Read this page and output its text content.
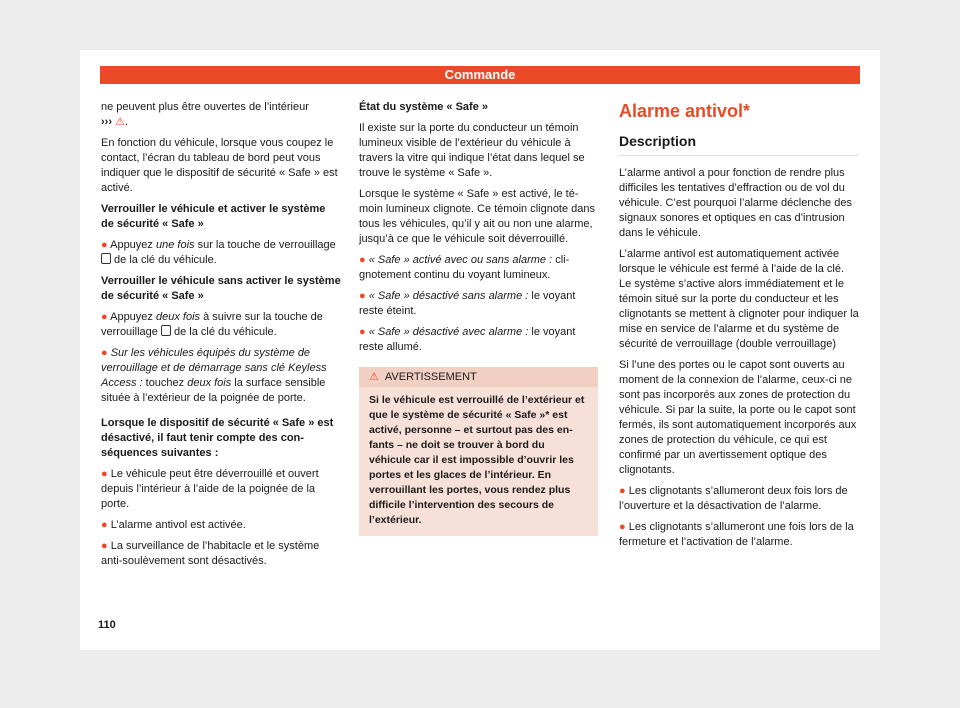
Commande

ne peuvent plus être ouvertes de l’intérieur
››› ⚠.

En fonction du véhicule, lorsque vous coupez le contact, l’écran du tableau de bord peut vous indiquer que le dispositif de sécurité « Safe » est activé.

Verrouiller le véhicule et activer le système de sécurité « Safe »

● Appuyez une fois sur la touche de verrouillage  de la clé du véhicule.

Verrouiller le véhicule sans activer le système de sécurité « Safe »

● Appuyez deux fois à suivre sur la touche de verrouillage  de la clé du véhicule.

● Sur les véhicules équipés du système de verrouillage et de démarrage sans clé Keyless Access : touchez deux fois la surface sensible située à l’extérieur de la poignée de porte.

Lorsque le dispositif de sécurité « Safe » est désactivé, il faut tenir compte des conséquences suivantes :

● Le véhicule peut être déverrouillé et ouvert depuis l’intérieur à l’aide de la poignée de la porte.

● L’alarme antivol est activée.

● La surveillance de l’habitacle et le système anti-soulèvement sont désactivés.

État du système « Safe »

Il existe sur la porte du conducteur un témoin lumineux visible de l’extérieur du véhicule à travers la vitre qui indique l’état dans lequel se trouve le système « Safe ».

Lorsque le système « Safe » est activé, le témoin lumineux clignote. Ce témoin clignote dans tous les véhicules, qu’il y ait ou non une alarme, jusqu’à ce que le véhicule soit déverrouillé.

● « Safe » activé avec ou sans alarme : clignotement continu du voyant lumineux.

● « Safe » désactivé sans alarme : le voyant reste éteint.

● « Safe » désactivé avec alarme : le voyant reste allumé.

⚠ AVERTISSEMENT
Si le véhicule est verrouillé de l’extérieur et que le système de sécurité « Safe »* est activé, personne – et surtout pas des enfants – ne doit se trouver à bord du véhicule car il est impossible d’ouvrir les portes et les glaces de l’intérieur. En verrouillant les portes, vous rendez plus difficile l’intervention des secours de l’extérieur.
Alarme antivol*
Description

L’alarme antivol a pour fonction de rendre plus difficiles les tentatives d’effraction ou de vol du véhicule. C’est pourquoi l’alarme déclenche des signaux sonores et optiques en cas d’intrusion dans le véhicule.

L’alarme antivol est automatiquement activée lorsque le véhicule est fermé à l’aide de la clé. Le système s’active alors immédiatement et le témoin situé sur la porte du conducteur et les clignotants se mettent à clignoter pour indiquer la mise en service de l’alarme et du système de sécurité de verrouillage (double verrouillage)

Si l’une des portes ou le capot sont ouverts au moment de la connexion de l’alarme, ceux-ci ne sont pas incorporés aux zones de protection du véhicule. Si par la suite, la porte ou le capot sont fermés, ils sont automatiquement incorporés aux zones de protection du véhicule, ce qui est confirmé par un avertissement optique des clignotants.

● Les clignotants s’allumeront deux fois lors de l’ouverture et la désactivation de l’alarme.

● Les clignotants s’allumeront une fois lors de la fermeture et l’activation de l’alarme.

110
